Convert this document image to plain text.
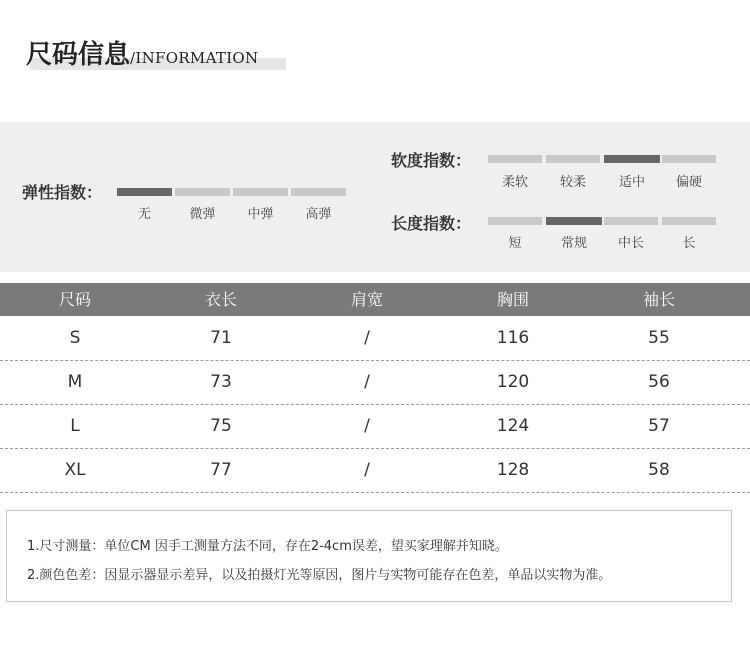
尺码信息/INFORMATION
弹性指数：
无	微弹	中弹	高弹
软度指数：
柔软	较柔	适中	偏硬
长度指数：
短	常规	中长	长
尺码	衣长	肩宽	胸围	袖长
S	71	/	116	55
M	73	/	120	56
L	75	/	124	57
XL	77	/	128	58
1.尺寸测量：单位CM 因手工测量方法不同，存在2-4cm误差，望买家理解并知晓。
2.颜色色差：因显示器显示差异，以及拍摄灯光等原因，图片与实物可能存在色差，单品以实物为准。
